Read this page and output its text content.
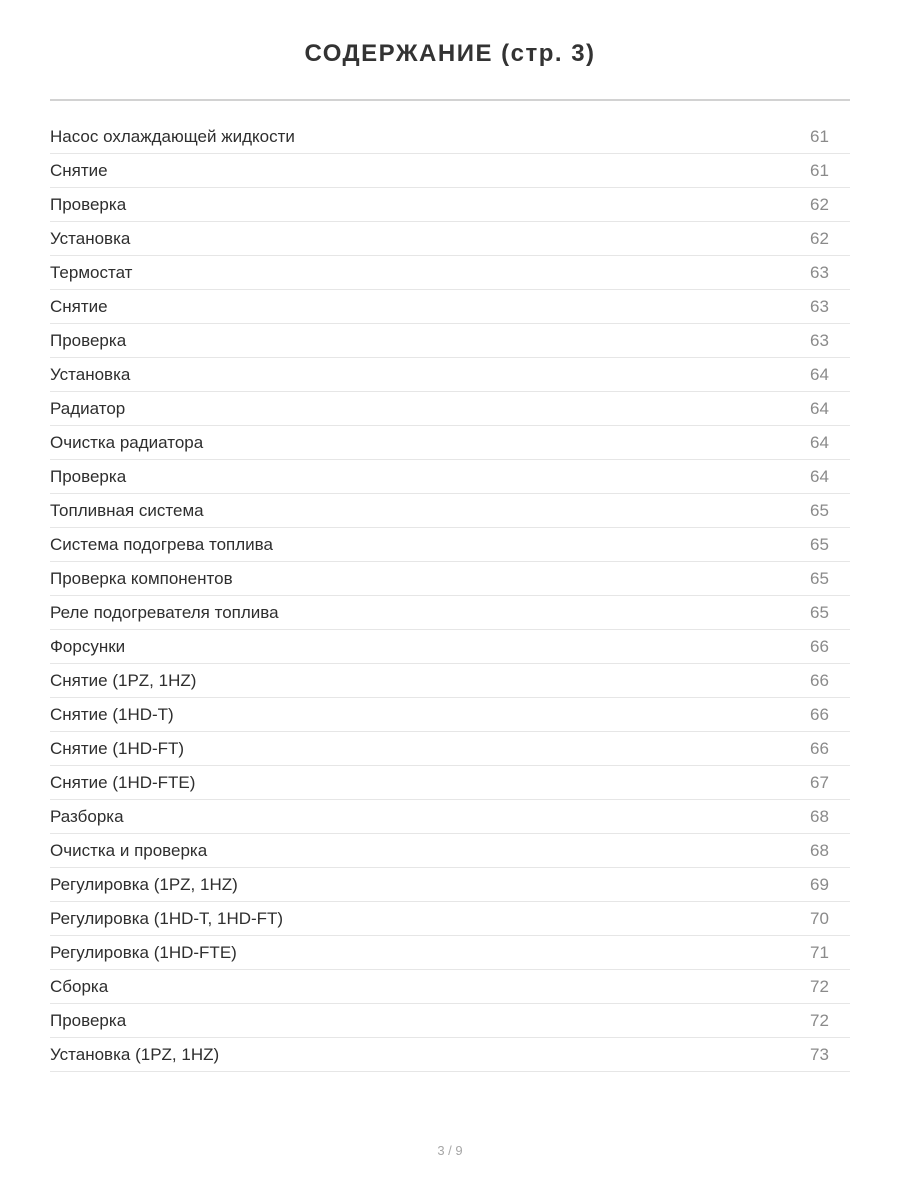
СОДЕРЖАНИЕ (стр. 3)
Насос охлаждающей жидкости	61
Снятие	61
Проверка	62
Установка	62
Термостат	63
Снятие	63
Проверка	63
Установка	64
Радиатор	64
Очистка радиатора	64
Проверка	64
Топливная система	65
Система подогрева топлива	65
Проверка компонентов	65
Реле подогревателя топлива	65
Форсунки	66
Снятие (1PZ, 1HZ)	66
Снятие (1HD-T)	66
Снятие (1HD-FT)	66
Снятие (1HD-FTE)	67
Разборка	68
Очистка и проверка	68
Регулировка (1PZ, 1HZ)	69
Регулировка (1HD-T, 1HD-FT)	70
Регулировка (1HD-FTE)	71
Сборка	72
Проверка	72
Установка (1PZ, 1HZ)	73
3 / 9
